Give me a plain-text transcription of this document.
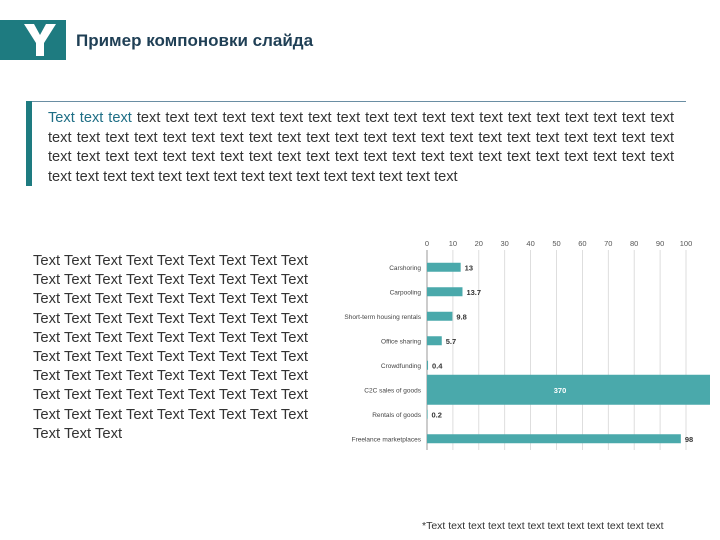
Пример компоновки слайда

Text text text text text text text text text text text text text text text text text text text text text text text text text text text text text text text text text text text text text text text text text text text text text text text text text text text text text text text text text text text text text text text text text text text text text text text text text text text text text text text text text

Text Text Text Text Text Text Text Text Text Text Text Text Text Text Text Text Text Text Text Text Text Text Text Text Text Text Text Text Text Text Text Text Text Text Text Text Text Text Text Text Text Text Text Text Text Text Text Text Text Text Text Text Text Text Text Text Text Text Text Text Text Text Text Text Text Text Text Text Text Text Text Text Text Text Text Text Text Text Text Text Text Text Text Text

0	10 20 30 40 50 60 70 80 90 100
Carshoring	13
Carpooling	13.7
Short-term housing rentals	9.8
Office sharing	5.7
Crowdfunding 0.4
C2C sales of goods	370
Rentals of goods 0.2
Freelance marketplaces	98
*Text text text text text text text text text text text text
